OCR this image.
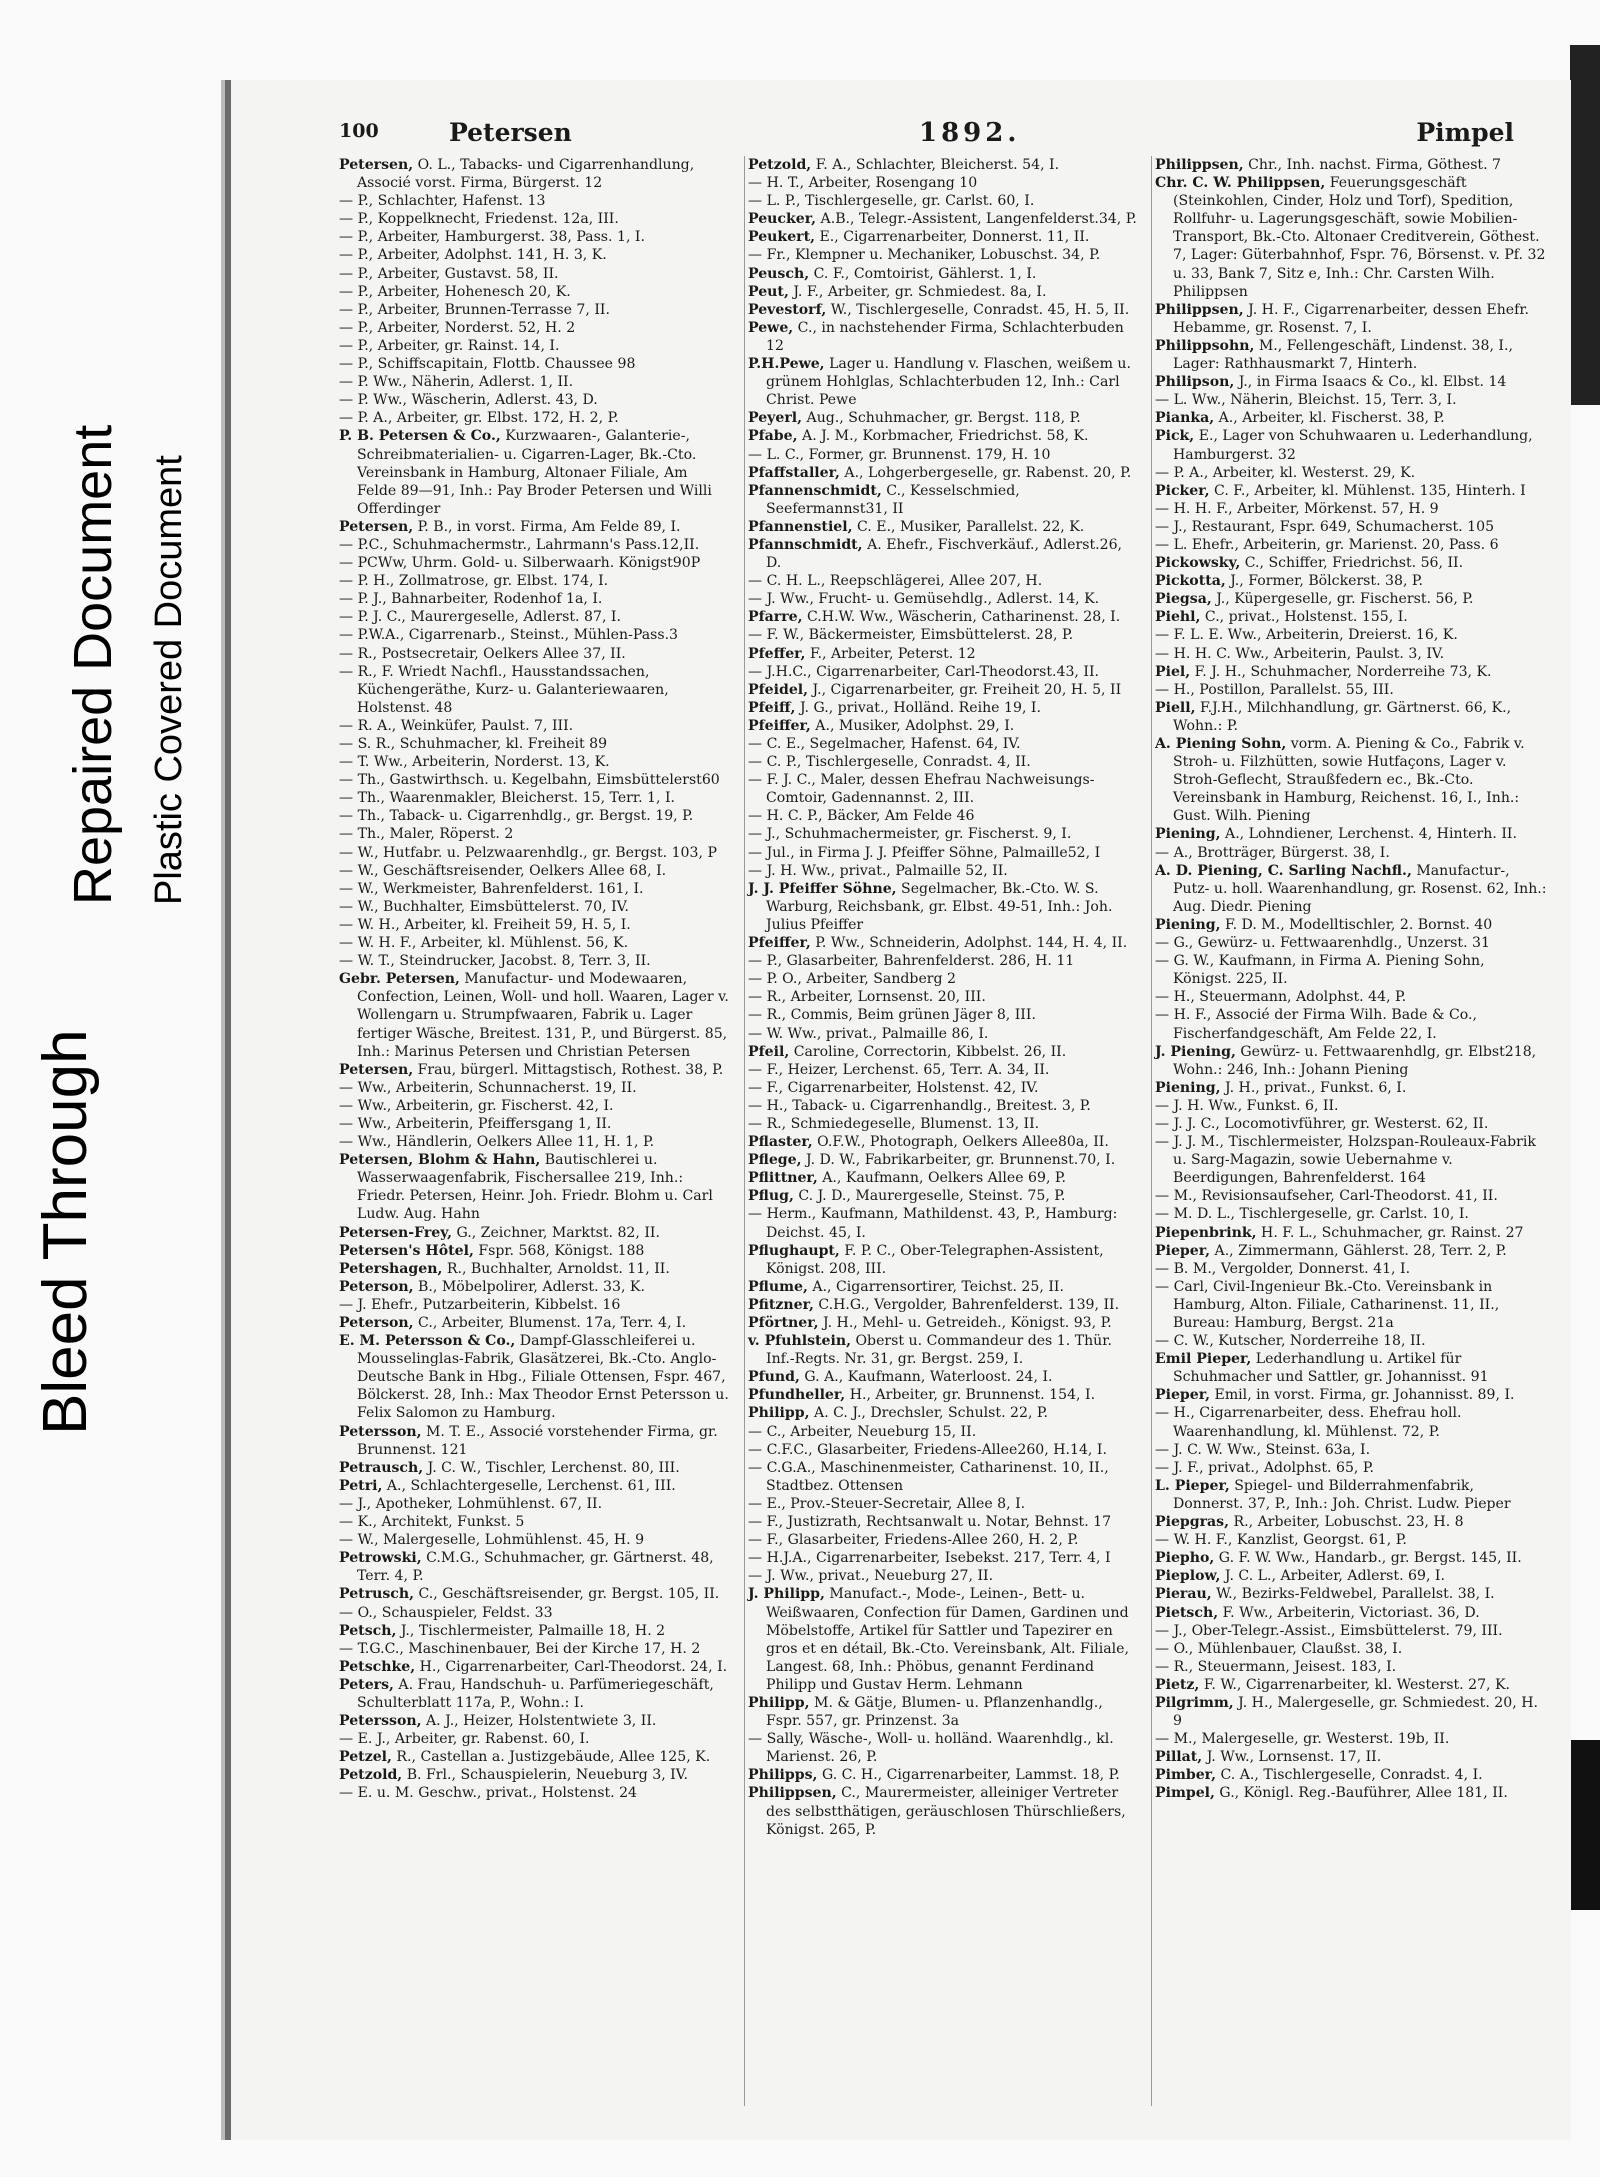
Bleed Through
Repaired Document Plastic Covered Document
100	Petersen	1892.	Pimpel
Petersen, O. L., Tabacks- und Cigarrenhandlung, Associé vorst. Firma, Bürgerst. 12
— P., Schlachter, Hafenst. 13
— P., Koppelknecht, Friedenst. 12a, III.
— P., Arbeiter, Hamburgerst. 38, Pass. 1, I.
— P., Arbeiter, Adolphst. 141, H. 3, K.
— P., Arbeiter, Gustavst. 58, II.
— P., Arbeiter, Hohenesch 20, K.
— P., Arbeiter, Brunnen-Terrasse 7, II.
— P., Arbeiter, Norderst. 52, H. 2
— P., Arbeiter, gr. Rainst. 14, I.
— P., Schiffscapitain, Flottb. Chaussee 98
— P. Ww., Näherin, Adlerst. 1, II.
— P. Ww., Wäscherin, Adlerst. 43, D.
— P. A., Arbeiter, gr. Elbst. 172, H. 2, P.
P. B. Petersen & Co., Kurzwaaren-, Galanterie-, Schreibmaterialien- u. Cigarren-Lager, Bk.-Cto. Vereinsbank in Hamburg, Altonaer Filiale, Am Felde 89—91, Inh.: Pay Broder Petersen und Willi Offerdinger
Petersen, P. B., in vorst. Firma, Am Felde 89, I.
— P.C., Schuhmachermstr., Lahrmann's Pass.12,II.
— PCWw, Uhrm. Gold- u. Silberwaarh. Königst90P
— P. H., Zollmatrose, gr. Elbst. 174, I.
— P. J., Bahnarbeiter, Rodenhof 1a, I.
— P. J. C., Maurergeselle, Adlerst. 87, I.
— P.W.A., Cigarrenarb., Steinst., Mühlen-Pass.3
— R., Postsecretair, Oelkers Allee 37, II.
— R., F. Wriedt Nachfl., Hausstandssachen, Küchengeräthe, Kurz- u. Galanteriewaaren, Holstenst. 48
— R. A., Weinküfer, Paulst. 7, III.
— S. R., Schuhmacher, kl. Freiheit 89
— T. Ww., Arbeiterin, Norderst. 13, K.
— Th., Gastwirthsch. u. Kegelbahn, Eimsbüttelerst60
— Th., Waarenmakler, Bleicherst. 15, Terr. 1, I.
— Th., Taback- u. Cigarrenhdlg., gr. Bergst. 19, P.
— Th., Maler, Röperst. 2
— W., Hutfabr. u. Pelzwaarenhdlg., gr. Bergst. 103, P
— W., Geschäftsreisender, Oelkers Allee 68, I.
— W., Werkmeister, Bahrenfelderst. 161, I.
— W., Buchhalter, Eimsbüttelerst. 70, IV.
— W. H., Arbeiter, kl. Freiheit 59, H. 5, I.
— W. H. F., Arbeiter, kl. Mühlenst. 56, K.
— W. T., Steindrucker, Jacobst. 8, Terr. 3, II.
Gebr. Petersen, Manufactur- und Modewaaren, Confection, Leinen, Woll- und holl. Waaren, Lager v. Wollengarn u. Strumpfwaaren, Fabrik u. Lager fertiger Wäsche, Breitest. 131, P., und Bürgerst. 85, Inh.: Marinus Petersen und Christian Petersen
Petersen, Frau, bürgerl. Mittagstisch, Rothest. 38, P.
— Ww., Arbeiterin, Schunnacherst. 19, II.
— Ww., Arbeiterin, gr. Fischerst. 42, I.
— Ww., Arbeiterin, Pfeiffersgang 1, II.
— Ww., Händlerin, Oelkers Allee 11, H. 1, P.
Petersen, Blohm & Hahn, Bautischlerei u. Wasserwaagenfabrik, Fischersallee 219, Inh.: Friedr. Petersen, Heinr. Joh. Friedr. Blohm u. Carl Ludw. Aug. Hahn
Petersen-Frey, G., Zeichner, Marktst. 82, II.
Petersen's Hôtel, Fspr. 568, Königst. 188
Petershagen, R., Buchhalter, Arnoldst. 11, II.
Peterson, B., Möbelpolirer, Adlerst. 33, K.
— J. Ehefr., Putzarbeiterin, Kibbelst. 16
Peterson, C., Arbeiter, Blumenst. 17a, Terr. 4, I.
E. M. Petersson & Co., Dampf-Glasschleiferei u. Mousselinglas-Fabrik, Glasätzerei, Bk.-Cto. Anglo-Deutsche Bank in Hbg., Filiale Ottensen, Fspr. 467, Bölckerst. 28, Inh.: Max Theodor Ernst Petersson u. Felix Salomon zu Hamburg.
Petersson, M. T. E., Associé vorstehender Firma, gr. Brunnenst. 121
Petrausch, J. C. W., Tischler, Lerchenst. 80, III.
Petri, A., Schlachtergeselle, Lerchenst. 61, III.
— J., Apotheker, Lohmühlenst. 67, II.
— K., Architekt, Funkst. 5
— W., Malergeselle, Lohmühlenst. 45, H. 9
Petrowski, C.M.G., Schuhmacher, gr. Gärtnerst. 48, Terr. 4, P.
Petrusch, C., Geschäftsreisender, gr. Bergst. 105, II.
— O., Schauspieler, Feldst. 33
Petsch, J., Tischlermeister, Palmaille 18, H. 2
— T.G.C., Maschinenbauer, Bei der Kirche 17, H. 2
Petschke, H., Cigarrenarbeiter, Carl-Theodorst. 24, I.
Peters, A. Frau, Handschuh- u. Parfümeriegeschäft, Schulterblatt 117a, P., Wohn.: I.
Petersson, A. J., Heizer, Holstentwiete 3, II.
— E. J., Arbeiter, gr. Rabenst. 60, I.
Petzel, R., Castellan a. Justizgebäude, Allee 125, K.
Petzold, B. Frl., Schauspielerin, Neueburg 3, IV.
— E. u. M. Geschw., privat., Holstenst. 24
Petzold, F. A., Schlachter, Bleicherst. 54, I.
— H. T., Arbeiter, Rosengang 10
— L. P., Tischlergeselle, gr. Carlst. 60, I.
Peucker, A.B., Telegr.-Assistent, Langenfelderst.34, P.
Peukert, E., Cigarrenarbeiter, Donnerst. 11, II.
— Fr., Klempner u. Mechaniker, Lobuschst. 34, P.
Peusch, C. F., Comtoirist, Gählerst. 1, I.
Peut, J. F., Arbeiter, gr. Schmiedest. 8a, I.
Pevestorf, W., Tischlergeselle, Conradst. 45, H. 5, II.
Pewe, C., in nachstehender Firma, Schlachterbuden 12
P.H.Pewe, Lager u. Handlung v. Flaschen, weißem u. grünem Hohlglas, Schlachterbuden 12, Inh.: Carl Christ. Pewe
Peyerl, Aug., Schuhmacher, gr. Bergst. 118, P.
Pfabe, A. J. M., Korbmacher, Friedrichst. 58, K.
— L. C., Former, gr. Brunnenst. 179, H. 10
Pfaffstaller, A., Lohgerbergeselle, gr. Rabenst. 20, P.
Pfannenschmidt, C., Kesselschmied, Seefermannst31, II
Pfannenstiel, C. E., Musiker, Parallelst. 22, K.
Pfannschmidt, A. Ehefr., Fischverkäuf., Adlerst.26, D.
— C. H. L., Reepschlägerei, Allee 207, H.
— J. Ww., Frucht- u. Gemüsehdlg., Adlerst. 14, K.
Pfarre, C.H.W. Ww., Wäscherin, Catharinenst. 28, I.
— F. W., Bäckermeister, Eimsbüttelerst. 28, P.
Pfeffer, F., Arbeiter, Peterst. 12
— J.H.C., Cigarrenarbeiter, Carl-Theodorst.43, II.
Pfeidel, J., Cigarrenarbeiter, gr. Freiheit 20, H. 5, II
Pfeiff, J. G., privat., Holländ. Reihe 19, I.
Pfeiffer, A., Musiker, Adolphst. 29, I.
— C. E., Segelmacher, Hafenst. 64, IV.
— C. P., Tischlergeselle, Conradst. 4, II.
— F. J. C., Maler, dessen Ehefrau Nachweisungs-Comtoir, Gadennannst. 2, III.
— H. C. P., Bäcker, Am Felde 46
— J., Schuhmachermeister, gr. Fischerst. 9, I.
— Jul., in Firma J. J. Pfeiffer Söhne, Palmaille52, I
— J. H. Ww., privat., Palmaille 52, II.
J. J. Pfeiffer Söhne, Segelmacher, Bk.-Cto. W. S. Warburg, Reichsbank, gr. Elbst. 49-51, Inh.: Joh. Julius Pfeiffer
Pfeiffer, P. Ww., Schneiderin, Adolphst. 144, H. 4, II.
— P., Glasarbeiter, Bahrenfelderst. 286, H. 11
— P. O., Arbeiter, Sandberg 2
— R., Arbeiter, Lornsenst. 20, III.
— R., Commis, Beim grünen Jäger 8, III.
— W. Ww., privat., Palmaille 86, I.
Pfeil, Caroline, Correctorin, Kibbelst. 26, II.
— F., Heizer, Lerchenst. 65, Terr. A. 34, II.
— F., Cigarrenarbeiter, Holstenst. 42, IV.
— H., Taback- u. Cigarrenhandlg., Breitest. 3, P.
— R., Schmiedegeselle, Blumenst. 13, II.
Pflaster, O.F.W., Photograph, Oelkers Allee80a, II.
Pflege, J. D. W., Fabrikarbeiter, gr. Brunnenst.70, I.
Pflittner, A., Kaufmann, Oelkers Allee 69, P.
Pflug, C. J. D., Maurergeselle, Steinst. 75, P.
— Herm., Kaufmann, Mathildenst. 43, P., Hamburg: Deichst. 45, I.
Pflughaupt, F. P. C., Ober-Telegraphen-Assistent, Königst. 208, III.
Pflume, A., Cigarrensortirer, Teichst. 25, II.
Pfitzner, C.H.G., Vergolder, Bahrenfelderst. 139, II.
Pförtner, J. H., Mehl- u. Getreideh., Königst. 93, P.
v. Pfuhlstein, Oberst u. Commandeur des 1. Thür. Inf.-Regts. Nr. 31, gr. Bergst. 259, I.
Pfund, G. A., Kaufmann, Waterloost. 24, I.
Pfundheller, H., Arbeiter, gr. Brunnenst. 154, I.
Philipp, A. C. J., Drechsler, Schulst. 22, P.
— C., Arbeiter, Neueburg 15, II.
— C.F.C., Glasarbeiter, Friedens-Allee260, H.14, I.
— C.G.A., Maschinenmeister, Catharinenst. 10, II., Stadtbez. Ottensen
— E., Prov.-Steuer-Secretair, Allee 8, I.
— F., Justizrath, Rechtsanwalt u. Notar, Behnst. 17
— F., Glasarbeiter, Friedens-Allee 260, H. 2, P.
— H.J.A., Cigarrenarbeiter, Isebekst. 217, Terr. 4, I
— J. Ww., privat., Neueburg 27, II.
J. Philipp, Manufact.-, Mode-, Leinen-, Bett- u. Weißwaaren, Confection für Damen, Gardinen und Möbelstoffe, Artikel für Sattler und Tapezirer en gros et en détail, Bk.-Cto. Vereinsbank, Alt. Filiale, Langest. 68, Inh.: Phöbus, genannt Ferdinand Philipp und Gustav Herm. Lehmann
Philipp, M. & Gätje, Blumen- u. Pflanzenhandlg., Fspr. 557, gr. Prinzenst. 3a
— Sally, Wäsche-, Woll- u. holländ. Waarenhdlg., kl. Marienst. 26, P.
Philipps, G. C. H., Cigarrenarbeiter, Lammst. 18, P.
Philippsen, C., Maurermeister, alleiniger Vertreter des selbstthätigen, geräuschlosen Thürschließers, Königst. 265, P.
Philippsen, Chr., Inh. nachst. Firma, Göthest. 7
Chr. C. W. Philippsen, Feuerungsgeschäft (Steinkohlen, Cinder, Holz und Torf), Spedition, Rollfuhr- u. Lagerungsgeschäft, sowie Mobilien-Transport, Bk.-Cto. Altonaer Creditverein, Göthest. 7, Lager: Güterbahnhof, Fspr. 76, Börsenst. v. Pf. 32 u. 33, Bank 7, Sitz e, Inh.: Chr. Carsten Wilh. Philippsen
Philippsen, J. H. F., Cigarrenarbeiter, dessen Ehefr. Hebamme, gr. Rosenst. 7, I.
Philippsohn, M., Fellengeschäft, Lindenst. 38, I., Lager: Rathhausmarkt 7, Hinterh.
Philipson, J., in Firma Isaacs & Co., kl. Elbst. 14
— L. Ww., Näherin, Bleichst. 15, Terr. 3, I.
Pianka, A., Arbeiter, kl. Fischerst. 38, P.
Pick, E., Lager von Schuhwaaren u. Lederhandlung, Hamburgerst. 32
— P. A., Arbeiter, kl. Westerst. 29, K.
Picker, C. F., Arbeiter, kl. Mühlenst. 135, Hinterh. I
— H. H. F., Arbeiter, Mörkenst. 57, H. 9
— J., Restaurant, Fspr. 649, Schumacherst. 105
— L. Ehefr., Arbeiterin, gr. Marienst. 20, Pass. 6
Pickowsky, C., Schiffer, Friedrichst. 56, II.
Pickotta, J., Former, Bölckerst. 38, P.
Piegsa, J., Küpergeselle, gr. Fischerst. 56, P.
Piehl, C., privat., Holstenst. 155, I.
— F. L. E. Ww., Arbeiterin, Dreierst. 16, K.
— H. H. C. Ww., Arbeiterin, Paulst. 3, IV.
Piel, F. J. H., Schuhmacher, Norderreihe 73, K.
— H., Postillon, Parallelst. 55, III.
Piell, F.J.H., Milchhandlung, gr. Gärtnerst. 66, K., Wohn.: P.
A. Piening Sohn, vorm. A. Piening & Co., Fabrik v. Stroh- u. Filzhütten, sowie Hutfaçons, Lager v. Stroh-Geflecht, Straußfedern ec., Bk.-Cto. Vereinsbank in Hamburg, Reichenst. 16, I., Inh.: Gust. Wilh. Piening
Piening, A., Lohndiener, Lerchenst. 4, Hinterh. II.
— A., Brotträger, Bürgerst. 38, I.
A. D. Piening, C. Sarling Nachfl., Manufactur-, Putz- u. holl. Waarenhandlung, gr. Rosenst. 62, Inh.: Aug. Diedr. Piening
Piening, F. D. M., Modelltischler, 2. Bornst. 40
— G., Gewürz- u. Fettwaarenhdlg., Unzerst. 31
— G. W., Kaufmann, in Firma A. Piening Sohn, Königst. 225, II.
— H., Steuermann, Adolphst. 44, P.
— H. F., Associé der Firma Wilh. Bade & Co., Fischerfandgeschäft, Am Felde 22, I.
J. Piening, Gewürz- u. Fettwaarenhdlg, gr. Elbst218, Wohn.: 246, Inh.: Johann Piening
Piening, J. H., privat., Funkst. 6, I.
— J. H. Ww., Funkst. 6, II.
— J. J. C., Locomotivführer, gr. Westerst. 62, II.
— J. J. M., Tischlermeister, Holzspan-Rouleaux-Fabrik u. Sarg-Magazin, sowie Uebernahme v. Beerdigungen, Bahrenfelderst. 164
— M., Revisionsaufseher, Carl-Theodorst. 41, II.
— M. D. L., Tischlergeselle, gr. Carlst. 10, I.
Piepenbrink, H. F. L., Schuhmacher, gr. Rainst. 27
Pieper, A., Zimmermann, Gählerst. 28, Terr. 2, P.
— B. M., Vergolder, Donnerst. 41, I.
— Carl, Civil-Ingenieur Bk.-Cto. Vereinsbank in Hamburg, Alton. Filiale, Catharinenst. 11, II., Bureau: Hamburg, Bergst. 21a
— C. W., Kutscher, Norderreihe 18, II.
Emil Pieper, Lederhandlung u. Artikel für Schuhmacher und Sattler, gr. Johannisst. 91
Pieper, Emil, in vorst. Firma, gr. Johannisst. 89, I.
— H., Cigarrenarbeiter, dess. Ehefrau holl. Waarenhandlung, kl. Mühlenst. 72, P.
— J. C. W. Ww., Steinst. 63a, I.
— J. F., privat., Adolphst. 65, P.
L. Pieper, Spiegel- und Bilderrahmenfabrik, Donnerst. 37, P., Inh.: Joh. Christ. Ludw. Pieper
Piepgras, R., Arbeiter, Lobuschst. 23, H. 8
— W. H. F., Kanzlist, Georgst. 61, P.
Piepho, G. F. W. Ww., Handarb., gr. Bergst. 145, II.
Pieplow, J. C. L., Arbeiter, Adlerst. 69, I.
Pierau, W., Bezirks-Feldwebel, Parallelst. 38, I.
Pietsch, F. Ww., Arbeiterin, Victoriast. 36, D.
— J., Ober-Telegr.-Assist., Eimsbüttelerst. 79, III.
— O., Mühlenbauer, Claußst. 38, I.
— R., Steuermann, Jeisest. 183, I.
Pietz, F. W., Cigarrenarbeiter, kl. Westerst. 27, K.
Pilgrimm, J. H., Malergeselle, gr. Schmiedest. 20, H. 9
— M., Malergeselle, gr. Westerst. 19b, II.
Pillat, J. Ww., Lornsenst. 17, II.
Pimber, C. A., Tischlergeselle, Conradst. 4, I.
Pimpel, G., Königl. Reg.-Bauführer, Allee 181, II.
